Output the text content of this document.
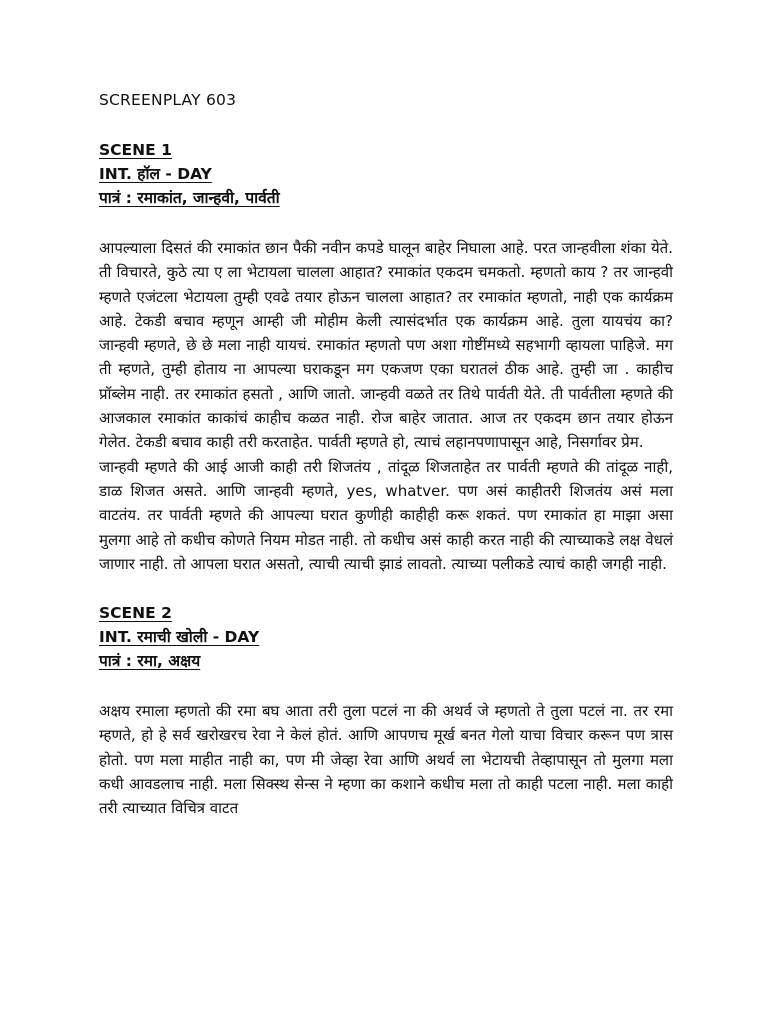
SCREENPLAY 603

SCENE 1

INT. हॉल - DAY

पात्रं : रमाकांत, जान्हवी, पार्वती

आपल्याला दिसतं की रमाकांत छान पैकी नवीन कपडे घालून बाहेर निघाला आहे. परत जान्हवीला शंका येते. ती विचारते, कुठे त्या ए ला भेटायला चालला आहात? रमाकांत एकदम चमकतो. म्हणतो काय ? तर जान्हवी म्हणते एजंटला भेटायला तुम्ही एवढे तयार होऊन चालला आहात? तर रमाकांत म्हणतो, नाही एक कार्यक्रम आहे. टेकडी बचाव म्हणून आम्ही जी मोहीम केली त्यासंदर्भात एक कार्यक्रम आहे. तुला यायचंय का? जान्हवी म्हणते, छे छे मला नाही यायचं. रमाकांत म्हणतो पण अशा गोष्टींमध्ये सहभागी व्हायला पाहिजे. मग ती म्हणते, तुम्ही होताय ना आपल्या घराकडून मग एकजण एका घरातलं ठीक आहे. तुम्ही जा . काहीच प्रॉब्लेम नाही. तर रमाकांत हसतो , आणि जातो. जान्हवी वळते तर तिथे पार्वती येते. ती पार्वतीला म्हणते की आजकाल रमाकांत काकांचं काहीच कळत नाही. रोज बाहेर जातात. आज तर एकदम छान तयार होऊन गेलेत. टेकडी बचाव काही तरी करताहेत. पार्वती म्हणते हो, त्याचं लहानपणापासून आहे, निसर्गावर प्रेम.

जान्हवी म्हणते की आई आजी काही तरी शिजतंय , तांदूळ शिजताहेत तर पार्वती म्हणते की तांदूळ नाही, डाळ शिजत असते. आणि जान्हवी म्हणते, yes, whatver. पण असं काहीतरी शिजतंय असं मला वाटतंय. तर पार्वती म्हणते की आपल्या घरात कुणीही काहीही करू शकतं. पण रमाकांत हा माझा असा मुलगा आहे तो कधीच कोणते नियम मोडत नाही. तो कधीच असं काही करत नाही की त्याच्याकडे लक्ष वेधलं जाणार नाही. तो आपला घरात असतो, त्याची त्याची झाडं लावतो. त्याच्या पलीकडे त्याचं काही जगही नाही.

SCENE 2

INT. रमाची खोली - DAY

पात्रं : रमा, अक्षय

अक्षय रमाला म्हणतो की रमा बघ आता तरी तुला पटलं ना की अथर्व जे म्हणतो ते तुला पटलं ना. तर रमा म्हणते, हो हे सर्व खरोखरच रेवा ने केलं होतं. आणि आपणच मूर्ख बनत गेलो याचा विचार करून पण त्रास होतो. पण मला माहीत नाही का, पण मी जेव्हा रेवा आणि अथर्व ला भेटायची तेव्हापासून तो मुलगा मला कधी आवडलाच नाही. मला सिक्स्थ सेन्स ने म्हणा का कशाने कधीच मला तो काही पटला नाही. मला काही तरी त्याच्यात विचित्र वाटत
